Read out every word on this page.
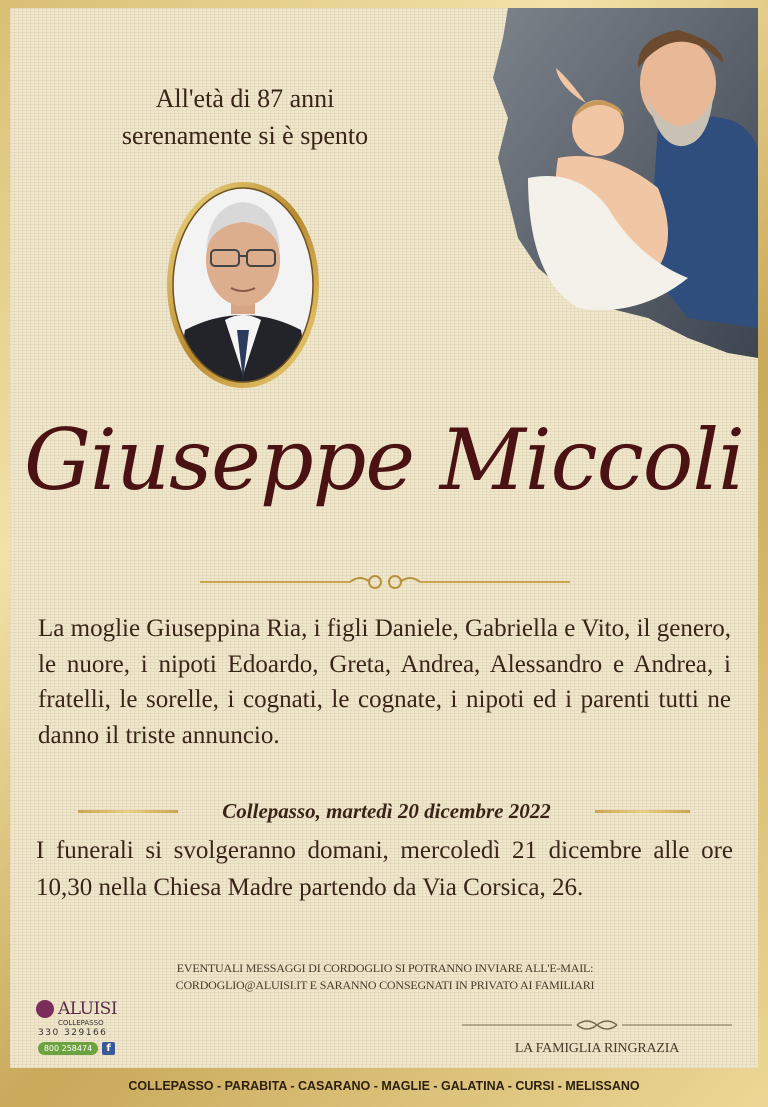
All'età di 87 anni
serenamente si è spento
Giuseppe Miccoli
La moglie Giuseppina Ria, i figli Daniele, Gabriella e Vito, il genero, le nuore, i nipoti Edoardo, Greta, Andrea, Alessandro e Andrea, i fratelli, le sorelle, i cognati, le cognate, i nipoti ed i parenti tutti ne danno il triste annuncio.
Collepasso, martedì 20 dicembre 2022
I funerali si svolgeranno domani, mercoledì 21 dicembre alle ore 10,30 nella Chiesa Madre partendo da Via Corsica, 26.
EVENTUALI MESSAGGI DI CORDOGLIO SI POTRANNO INVIARE ALL'E-MAIL:
CORDOGLIO@ALUISI.IT E SARANNO CONSEGNATI IN PRIVATO AI FAMILIARI
ALUISI
COLLEPASSO
330 329166
800 258474	f	LA FAMIGLIA RINGRAZIA
COLLEPASSO - PARABITA - CASARANO - MAGLIE - GALATINA - CURSI - MELISSANO
